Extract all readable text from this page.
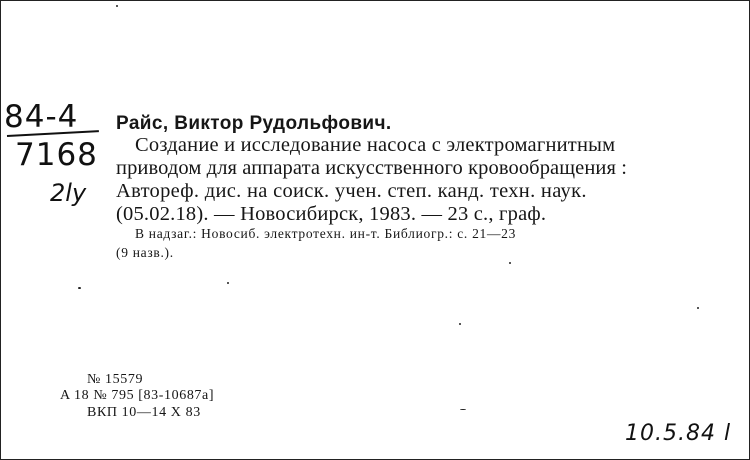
84-4
7168
2ly
Райс, Виктор Рудольфович.
Создание и исследование насоса с электромагнитным
приводом для аппарата искусственного кровообращения :
Автореф. дис. на соиск. учен. степ. канд. техн. наук.
(05.02.18). — Новосибирск, 1983. — 23 с., граф.
В надзаг.: Новосиб. электротехн. ин-т. Библиогр.: с. 21—23
(9 назв.).
№ 15579
A 18 № 795 [83-10687a]
ВКП 10—14 X 83
10.5.84 l
